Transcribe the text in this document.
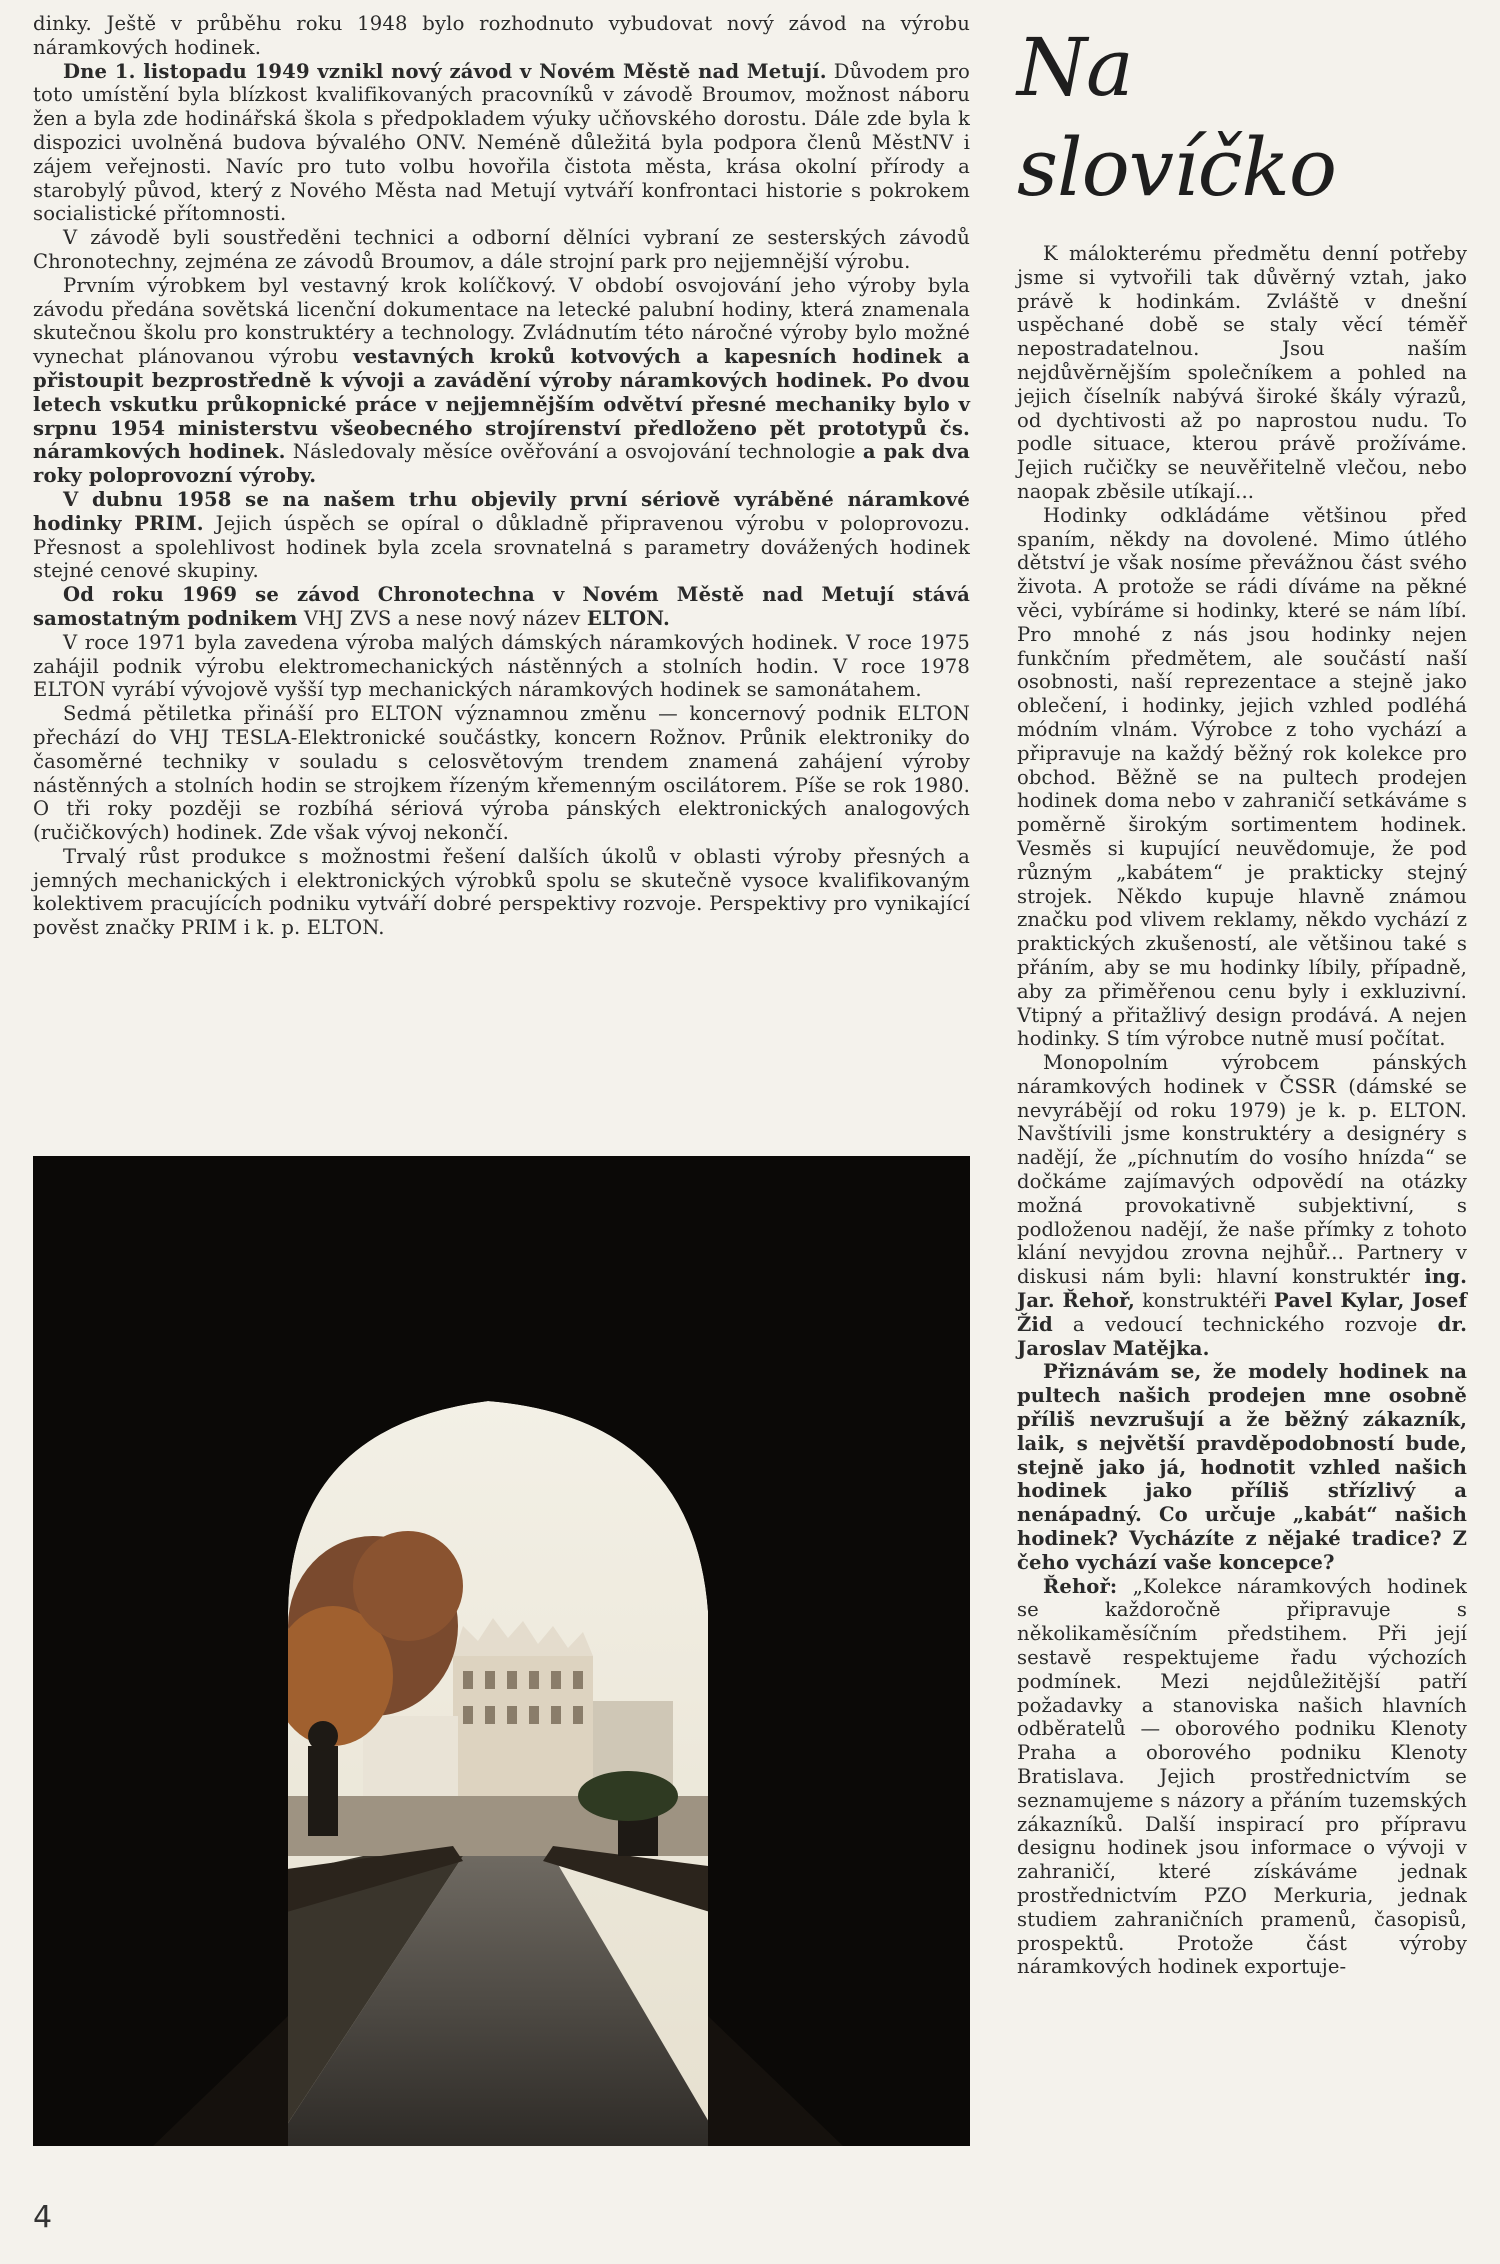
dinky. Ještě v průběhu roku 1948 bylo rozhodnuto vybudovat nový závod na výrobu náramkových hodinek.

Dne 1. listopadu 1949 vznikl nový závod v Novém Městě nad Metují. Důvodem pro toto umístění byla blízkost kvalifikovaných pracovníků v závodě Broumov, možnost náboru žen a byla zde hodinářská škola s předpokladem výuky učňovského dorostu. Dále zde byla k dispozici uvolněná budova bývalého ONV. Neméně důležitá byla podpora členů MěstNV i zájem veřejnosti. Navíc pro tuto volbu hovořila čistota města, krása okolní přírody a starobylý původ, který z Nového Města nad Metují vytváří konfrontaci historie s pokrokem socialistické přítomnosti.

V závodě byli soustředěni technici a odborní dělníci vybraní ze sesterských závodů Chronotechny, zejména ze závodů Broumov, a dále strojní park pro nejjemnější výrobu.

Prvním výrobkem byl vestavný krok kolíčkový. V období osvojování jeho výroby byla závodu předána sovětská licenční dokumentace na letecké palubní hodiny, která znamenala skutečnou školu pro konstruktéry a technology. Zvládnutím této náročné výroby bylo možné vynechat plánovanou výrobu vestavných kroků kotvových a kapesních hodinek a přistoupit bezprostředně k vývoji a zavádění výroby náramkových hodinek. Po dvou letech vskutku průkopnické práce v nejjemnějším odvětví přesné mechaniky bylo v srpnu 1954 ministerstvu všeobecného strojírenství předloženo pět prototypů čs. náramkových hodinek. Následovaly měsíce ověřování a osvojování technologie a pak dva roky poloprovozní výroby.

V dubnu 1958 se na našem trhu objevily první sériově vyráběné náramkové hodinky PRIM. Jejich úspěch se opíral o důkladně připravenou výrobu v poloprovozu. Přesnost a spolehlivost hodinek byla zcela srovnatelná s parametry dovážených hodinek stejné cenové skupiny.

Od roku 1969 se závod Chronotechna v Novém Městě nad Metují stává samostatným podnikem VHJ ZVS a nese nový název ELTON.

V roce 1971 byla zavedena výroba malých dámských náramkových hodinek. V roce 1975 zahájil podnik výrobu elektromechanických nástěnných a stolních hodin. V roce 1978 ELTON vyrábí vývojově vyšší typ mechanických náramkových hodinek se samonátahem.

Sedmá pětiletka přináší pro ELTON významnou změnu — koncernový podnik ELTON přechází do VHJ TESLA-Elektronické součástky, koncern Rožnov. Průnik elektroniky do časoměrné techniky v souladu s celosvětovým trendem znamená zahájení výroby nástěnných a stolních hodin se strojkem řízeným křemenným oscilátorem. Píše se rok 1980. O tři roky později se rozbíhá sériová výroba pánských elektronických analogových (ručičkových) hodinek. Zde však vývoj nekončí.

Trvalý růst produkce s možnostmi řešení dalších úkolů v oblasti výroby přesných a jemných mechanických i elektronických výrobků spolu se skutečně vysoce kvalifikovaným kolektivem pracujících podniku vytváří dobré perspektivy rozvoje. Perspektivy pro vynikající pověst značky PRIM i k. p. ELTON.

Na slovíčko

K málokterému předmětu denní potřeby jsme si vytvořili tak důvěrný vztah, jako právě k hodinkám. Zvláště v dnešní uspěchané době se staly věcí téměř nepostradatelnou. Jsou naším nejdůvěrnějším společníkem a pohled na jejich číselník nabývá široké škály výrazů, od dychtivosti až po naprostou nudu. To podle situace, kterou právě prožíváme. Jejich ručičky se neuvěřitelně vlečou, nebo naopak zběsile utíkají...

Hodinky odkládáme většinou před spaním, někdy na dovolené. Mimo útlého dětství je však nosíme převážnou část svého života. A protože se rádi díváme na pěkné věci, vybíráme si hodinky, které se nám líbí. Pro mnohé z nás jsou hodinky nejen funkčním předmětem, ale součástí naší osobnosti, naší reprezentace a stejně jako oblečení, i hodinky, jejich vzhled podléhá módním vlnám. Výrobce z toho vychází a připravuje na každý běžný rok kolekce pro obchod. Běžně se na pultech prodejen hodinek doma nebo v zahraničí setkáváme s poměrně širokým sortimentem hodinek. Vesměs si kupující neuvědomuje, že pod různým „kabátem“ je prakticky stejný strojek. Někdo kupuje hlavně známou značku pod vlivem reklamy, někdo vychází z praktických zkušeností, ale většinou také s přáním, aby se mu hodinky líbily, případně, aby za přiměřenou cenu byly i exkluzivní. Vtipný a přitažlivý design prodává. A nejen hodinky. S tím výrobce nutně musí počítat.

Monopolním výrobcem pánských náramkových hodinek v ČSSR (dámské se nevyrábějí od roku 1979) je k. p. ELTON. Navštívili jsme konstruktéry a designéry s nadějí, že „píchnutím do vosího hnízda“ se dočkáme zajímavých odpovědí na otázky možná provokativně subjektivní, s podloženou nadějí, že naše přímky z tohoto klání nevyjdou zrovna nejhůř... Partnery v diskusi nám byli: hlavní konstruktér ing. Jar. Řehoř, konstruktéři Pavel Kylar, Josef Žid a vedoucí technického rozvoje dr. Jaroslav Matějka.

Přiznávám se, že modely hodinek na pultech našich prodejen mne osobně příliš nevzrušují a že běžný zákazník, laik, s největší pravděpodobností bude, stejně jako já, hodnotit vzhled našich hodinek jako příliš střízlivý a nenápadný. Co určuje „kabát“ našich hodinek? Vycházíte z nějaké tradice? Z čeho vychází vaše koncepce?

Řehoř: „Kolekce náramkových hodinek se každoročně připravuje s několikaměsíčním předstihem. Při její sestavě respektujeme řadu výchozích podmínek. Mezi nejdůležitější patří požadavky a stanoviska našich hlavních odběratelů — oborového podniku Klenoty Praha a oborového podniku Klenoty Bratislava. Jejich prostřednictvím se seznamujeme s názory a přáním tuzemských zákazníků. Další inspirací pro přípravu designu hodinek jsou informace o vývoji v zahraničí, které získáváme jednak prostřednictvím PZO Merkuria, jednak studiem zahraničních pramenů, časopisů, prospektů. Protože část výroby náramkových hodinek exportuje-

4
